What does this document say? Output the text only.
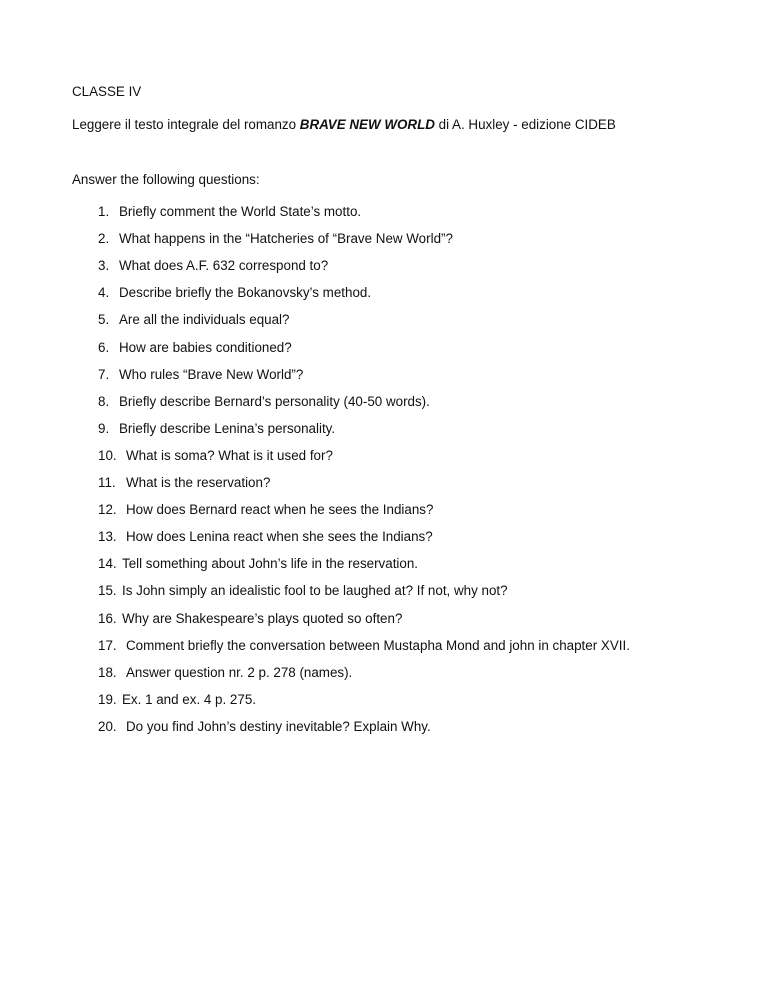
CLASSE IV
Leggere il testo integrale del romanzo BRAVE NEW WORLD di A. Huxley - edizione CIDEB
Answer the following questions:
1. Briefly comment the World State’s motto.
2. What happens in the “Hatcheries of “Brave New World”?
3. What does A.F. 632 correspond to?
4. Describe briefly the Bokanovsky’s method.
5. Are all the individuals equal?
6. How are babies conditioned?
7. Who rules “Brave New World”?
8. Briefly describe Bernard’s personality (40-50 words).
9. Briefly describe Lenina’s personality.
10. What is soma? What is it used for?
11. What is the reservation?
12. How does Bernard react when he sees the Indians?
13. How does Lenina react when she sees the Indians?
14. Tell something about John’s life in the reservation.
15. Is John simply an idealistic fool to be laughed at? If not, why not?
16. Why are Shakespeare’s plays quoted so often?
17. Comment briefly the conversation between Mustapha Mond and john in chapter XVII.
18. Answer question nr. 2 p. 278 (names).
19. Ex. 1 and ex. 4 p. 275.
20. Do you find John’s destiny inevitable? Explain Why.
